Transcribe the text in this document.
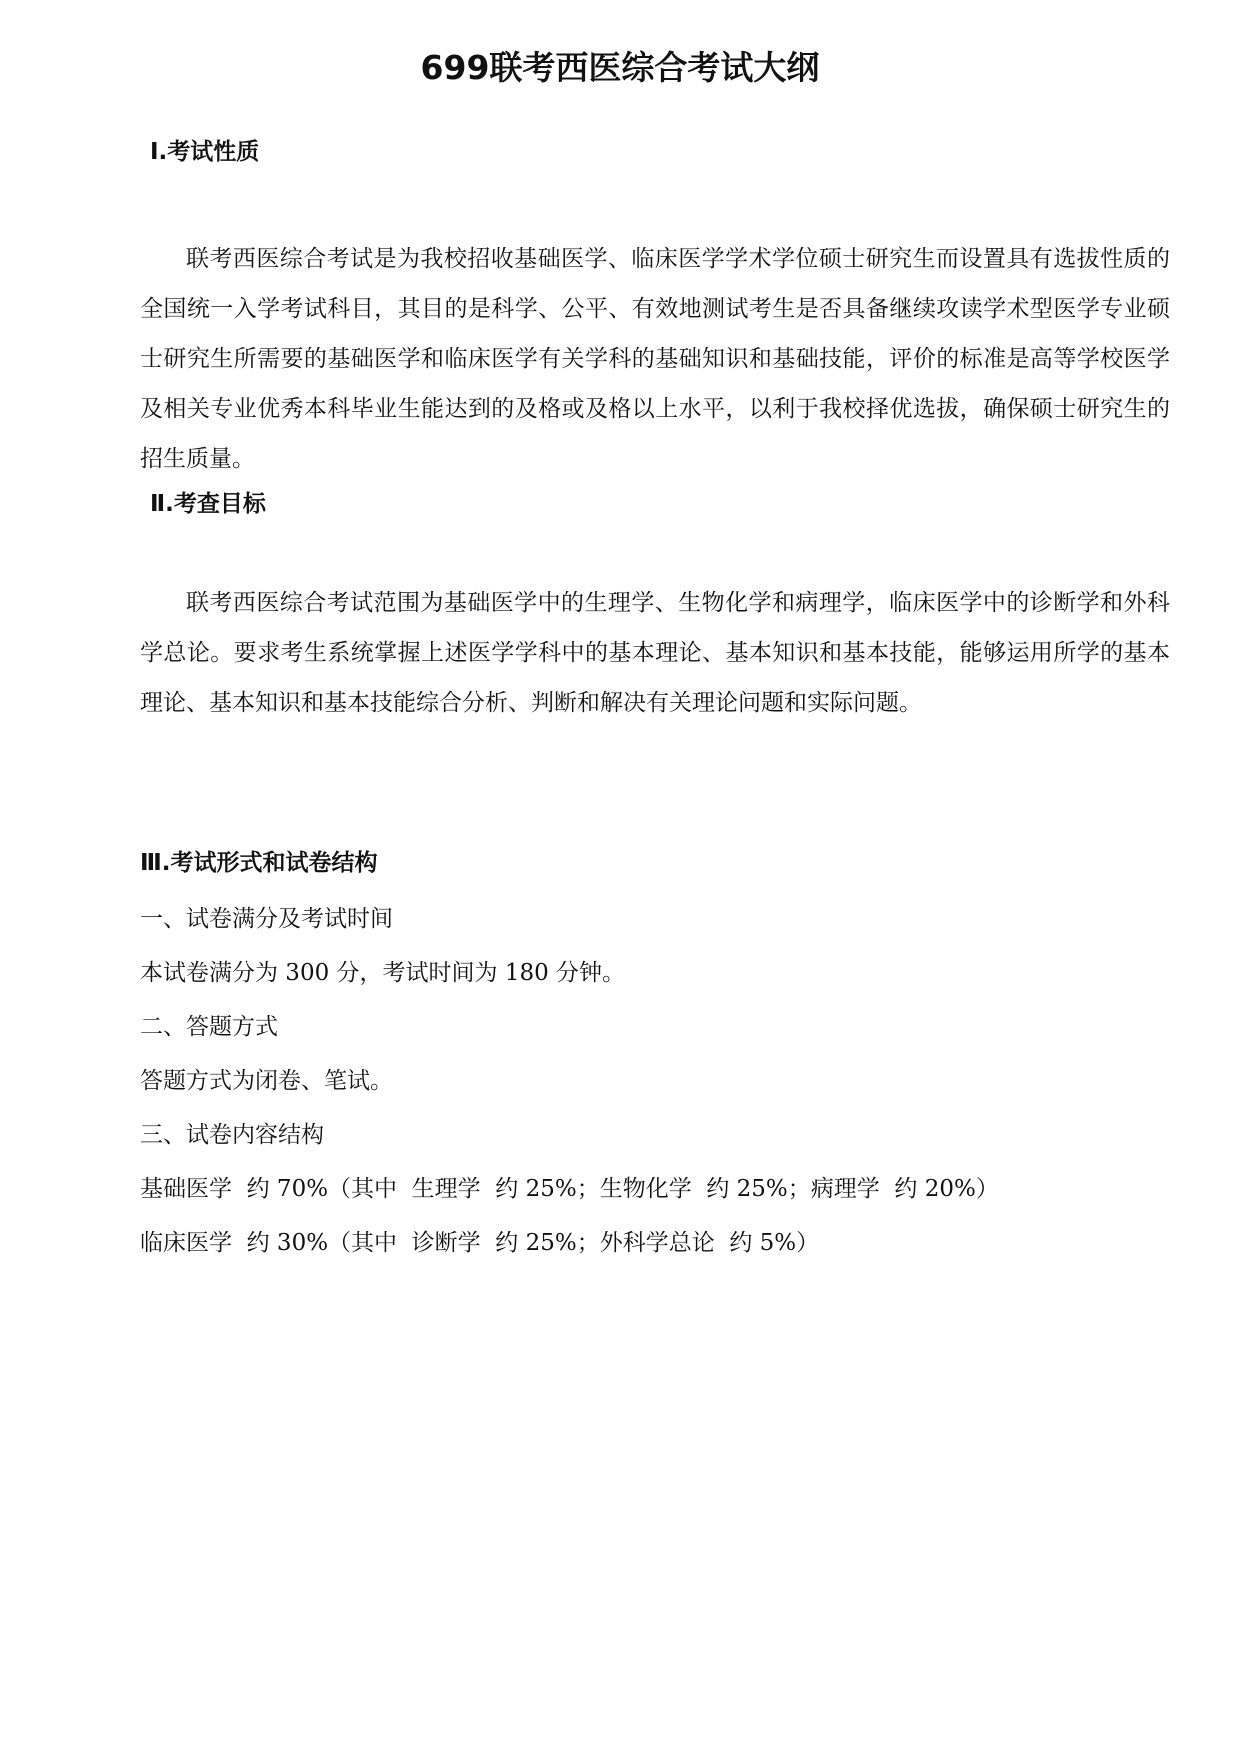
699联考西医综合考试大纲
Ⅰ.考试性质
联考西医综合考试是为我校招收基础医学、临床医学学术学位硕士研究生而设置具有选拔性质的全国统一入学考试科目，其目的是科学、公平、有效地测试考生是否具备继续攻读学术型医学专业硕士研究生所需要的基础医学和临床医学有关学科的基础知识和基础技能，评价的标准是高等学校医学及相关专业优秀本科毕业生能达到的及格或及格以上水平，以利于我校择优选拔，确保硕士研究生的招生质量。
Ⅱ.考查目标
联考西医综合考试范围为基础医学中的生理学、生物化学和病理学，临床医学中的诊断学和外科学总论。要求考生系统掌握上述医学学科中的基本理论、基本知识和基本技能，能够运用所学的基本理论、基本知识和基本技能综合分析、判断和解决有关理论问题和实际问题。
Ⅲ.考试形式和试卷结构
一、试卷满分及考试时间
本试卷满分为 300 分，考试时间为 180 分钟。
二、答题方式
答题方式为闭卷、笔试。
三、试卷内容结构
基础医学  约 70%（其中  生理学  约 25%；生物化学  约 25%；病理学  约 20%）
临床医学  约 30%（其中  诊断学  约 25%；外科学总论  约 5%）
